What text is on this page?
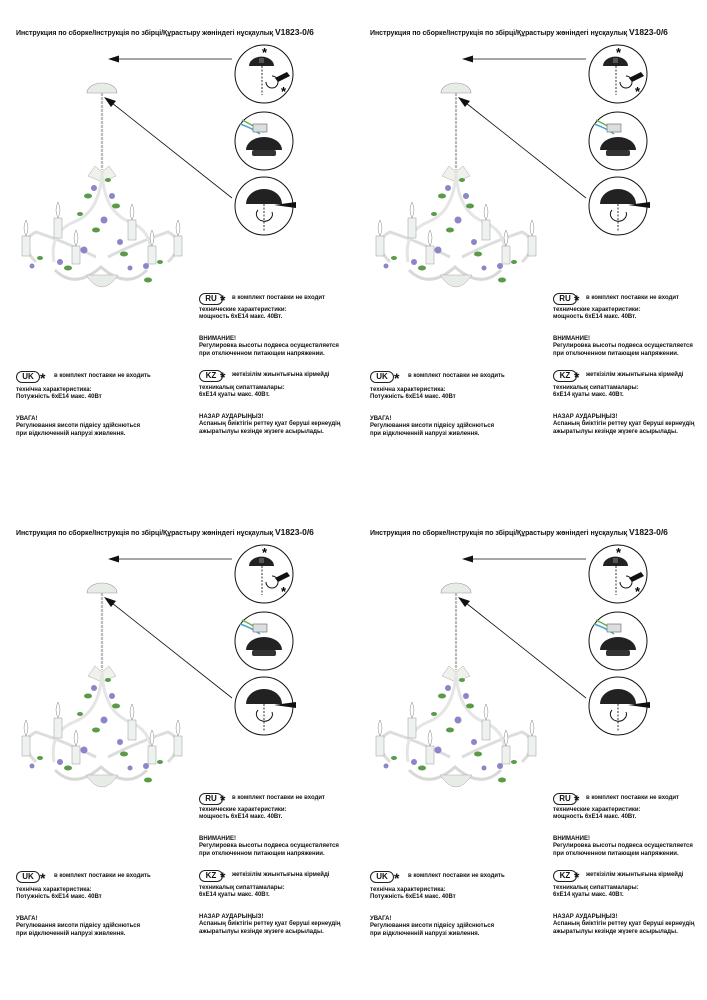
Инструкция по сборке/Інструкція по збірці/Құрастыру жөніндегі нұсқаулық V1823-0/6
*
*
RU * в комплект поставки не входит
технические характеристики:
мощность 6xE14 макс. 40Вт.
ВНИМАНИЕ!
Регулировка высоты подвеса осуществляется
при отключенном питающем напряжении.
UK * в комплект поставки не входить
технічна характеристика:
Потужність 6хЕ14 макс. 40Вт
УВАГА!
Регулювання висоти підвісу здійснються
при відключенній напрузі живлення.
KZ * жеткізілім жиынтығына кірмейді
техникалық сипаттамалары:
6xE14 қуаты макс. 40Вт.
НАЗАР АУДАРЫҢЫЗ!
Аспаның биіктігін реттеу қуат беруші кернеудің
ажыратылуы кезінде жүзеге асырылады.
Инструкция по сборке/Інструкція по збірці/Құрастыру жөніндегі нұсқаулық V1823-0/6
*
*
RU * в комплект поставки не входит
технические характеристики:
мощность 6xE14 макс. 40Вт.
ВНИМАНИЕ!
Регулировка высоты подвеса осуществляется
при отключенном питающем напряжении.
UK * в комплект поставки не входить
технічна характеристика:
Потужність 6хЕ14 макс. 40Вт
УВАГА!
Регулювання висоти підвісу здійснються
при відключенній напрузі живлення.
KZ * жеткізілім жиынтығына кірмейді
техникалық сипаттамалары:
6xE14 қуаты макс. 40Вт.
НАЗАР АУДАРЫҢЫЗ!
Аспаның биіктігін реттеу қуат беруші кернеудің
ажыратылуы кезінде жүзеге асырылады.
Инструкция по сборке/Інструкція по збірці/Құрастыру жөніндегі нұсқаулық V1823-0/6
*
*
RU * в комплект поставки не входит
технические характеристики:
мощность 6xE14 макс. 40Вт.
ВНИМАНИЕ!
Регулировка высоты подвеса осуществляется
при отключенном питающем напряжении.
UK * в комплект поставки не входить
технічна характеристика:
Потужність 6хЕ14 макс. 40Вт
УВАГА!
Регулювання висоти підвісу здійснються
при відключенній напрузі живлення.
KZ * жеткізілім жиынтығына кірмейді
техникалық сипаттамалары:
6xE14 қуаты макс. 40Вт.
НАЗАР АУДАРЫҢЫЗ!
Аспаның биіктігін реттеу қуат беруші кернеудің
ажыратылуы кезінде жүзеге асырылады.
Инструкция по сборке/Інструкція по збірці/Құрастыру жөніндегі нұсқаулық V1823-0/6
*
*
RU * в комплект поставки не входит
технические характеристики:
мощность 6xE14 макс. 40Вт.
ВНИМАНИЕ!
Регулировка высоты подвеса осуществляется
при отключенном питающем напряжении.
UK * в комплект поставки не входить
технічна характеристика:
Потужність 6хЕ14 макс. 40Вт
УВАГА!
Регулювання висоти підвісу здійснються
при відключенній напрузі живлення.
KZ * жеткізілім жиынтығына кірмейді
техникалық сипаттамалары:
6xE14 қуаты макс. 40Вт.
НАЗАР АУДАРЫҢЫЗ!
Аспаның биіктігін реттеу қуат беруші кернеудің
ажыратылуы кезінде жүзеге асырылады.
